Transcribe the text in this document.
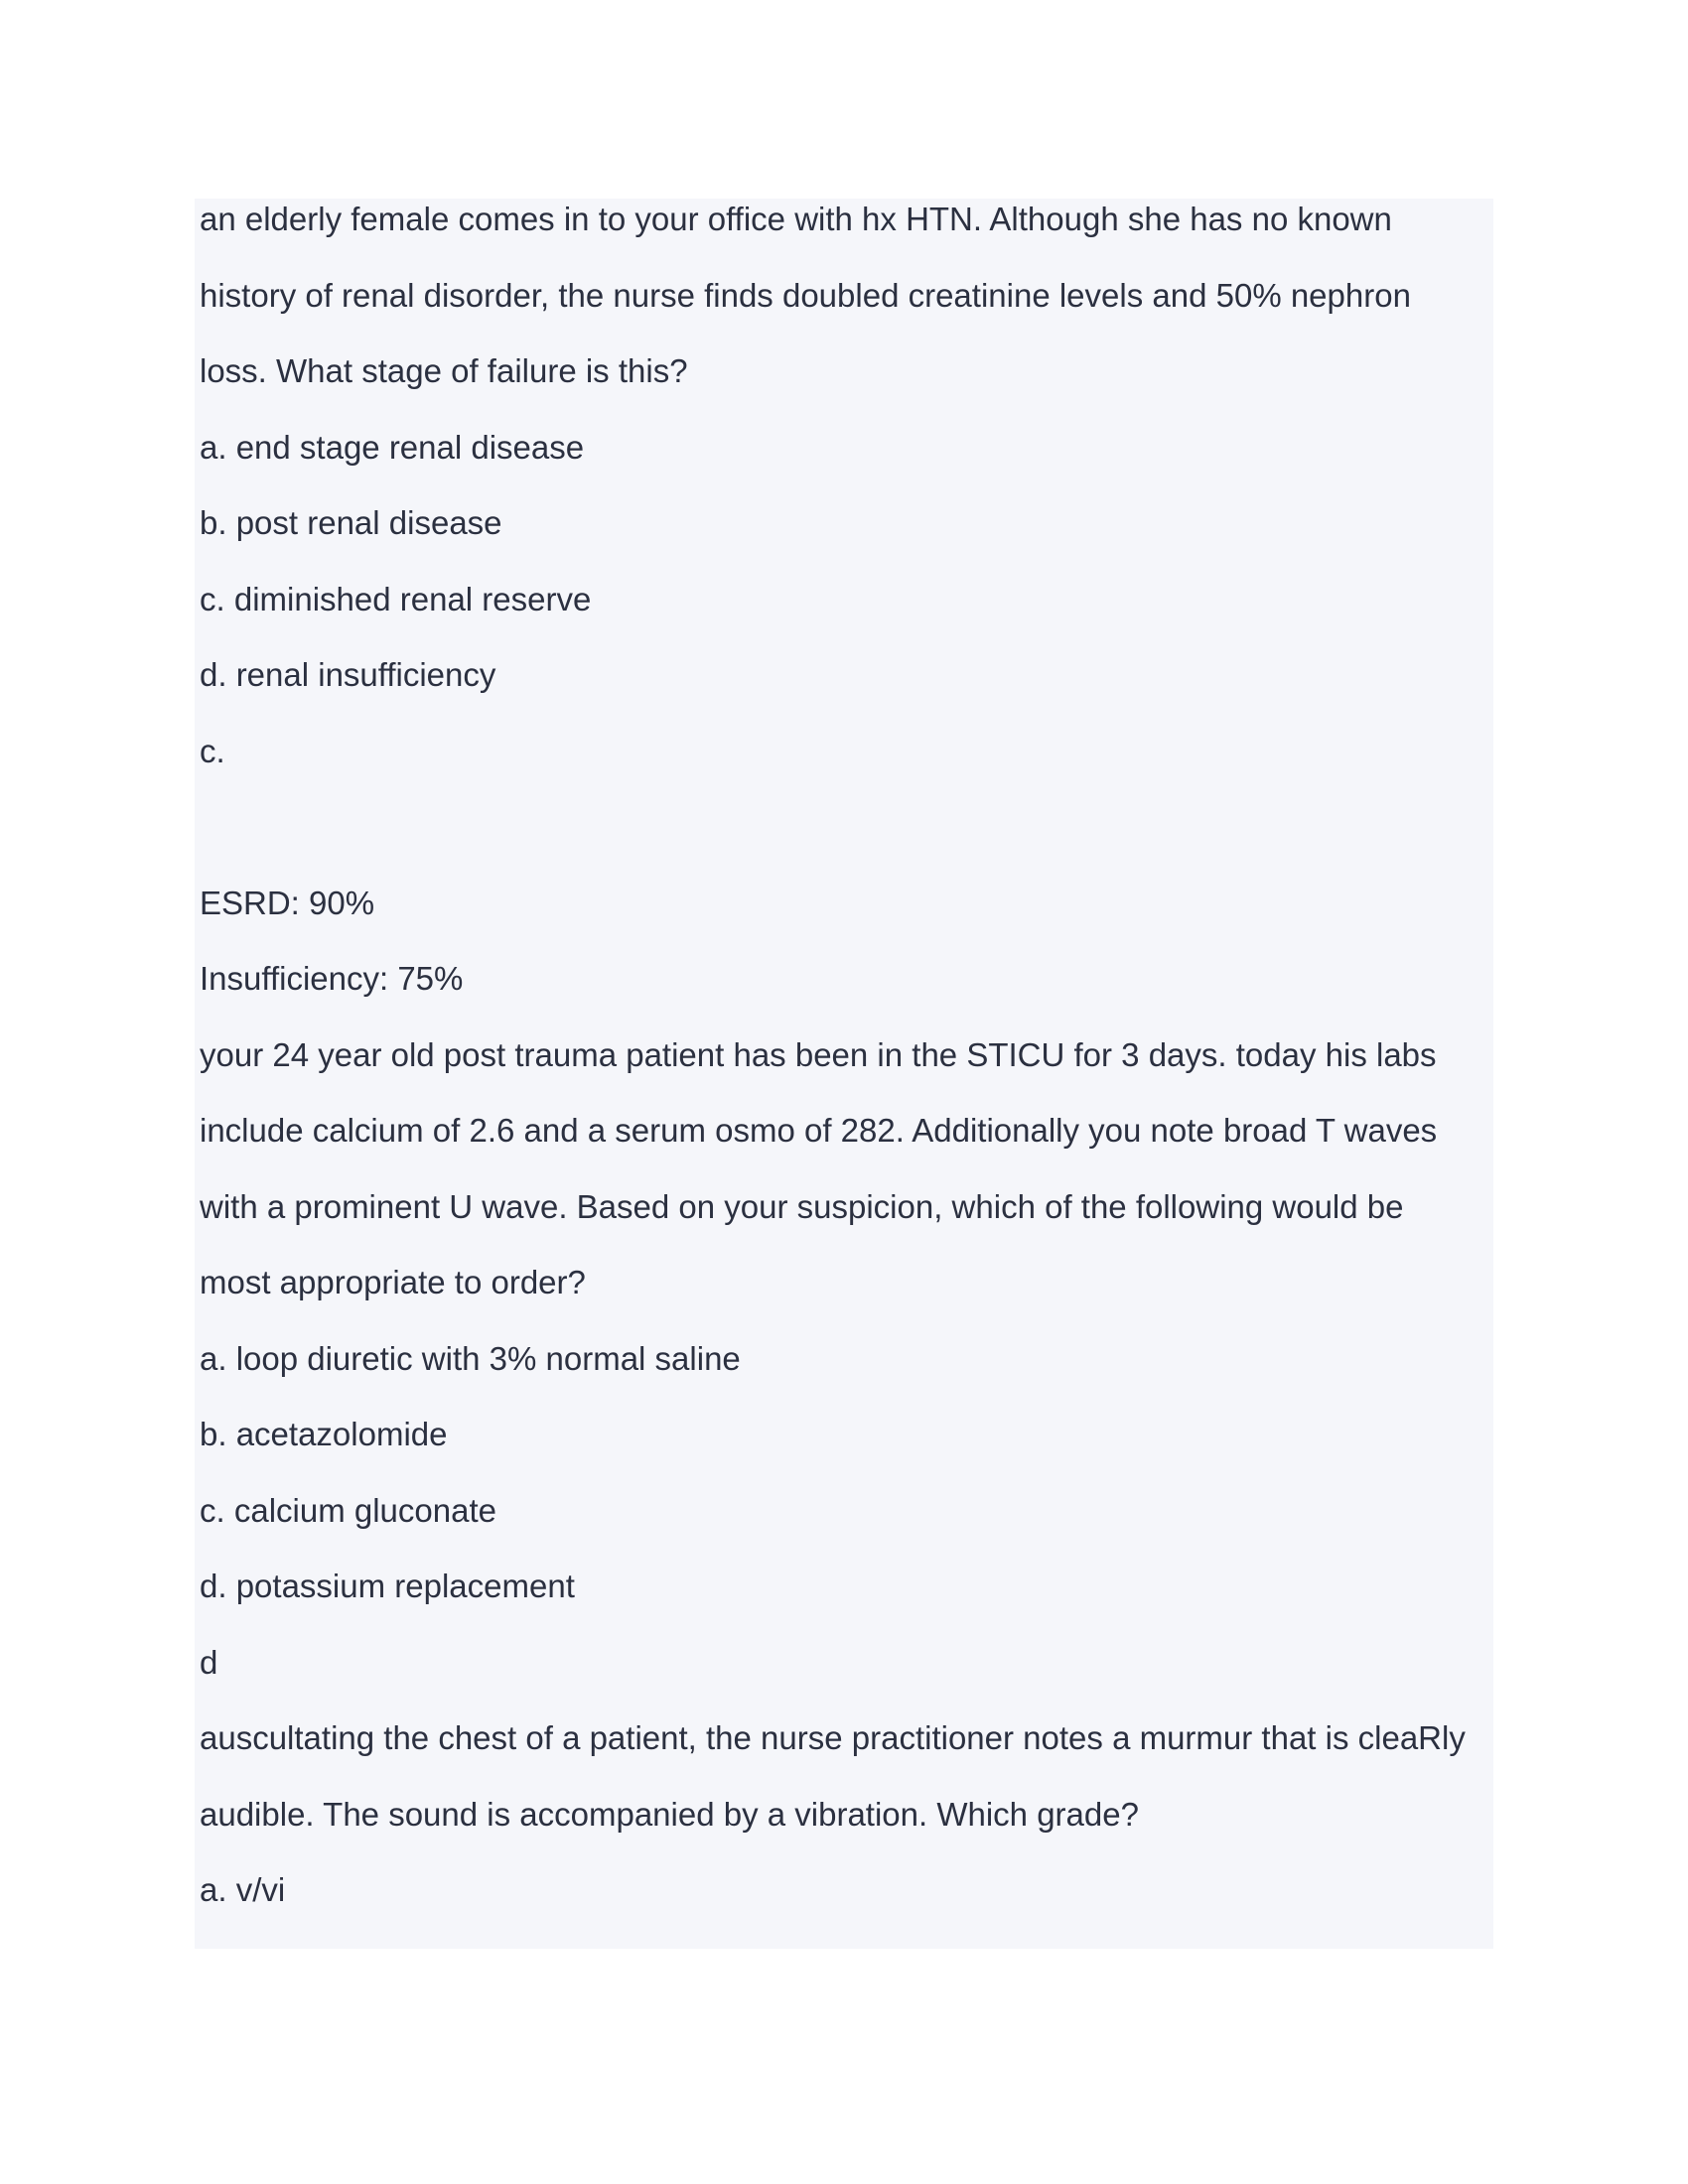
an elderly female comes in to your office with hx HTN. Although she has no known
history of renal disorder, the nurse finds doubled creatinine levels and 50% nephron
loss. What stage of failure is this?
a. end stage renal disease
b. post renal disease
c. diminished renal reserve
d. renal insufficiency
c.
ESRD: 90%
Insufficiency: 75%
your 24 year old post trauma patient has been in the STICU for 3 days. today his labs
include calcium of 2.6 and a serum osmo of 282. Additionally you note broad T waves
with a prominent U wave. Based on your suspicion, which of the following would be
most appropriate to order?
a. loop diuretic with 3% normal saline
b. acetazolomide
c. calcium gluconate
d. potassium replacement
d
auscultating the chest of a patient, the nurse practitioner notes a murmur that is cleaRly
audible. The sound is accompanied by a vibration. Which grade?
a. v/vi
